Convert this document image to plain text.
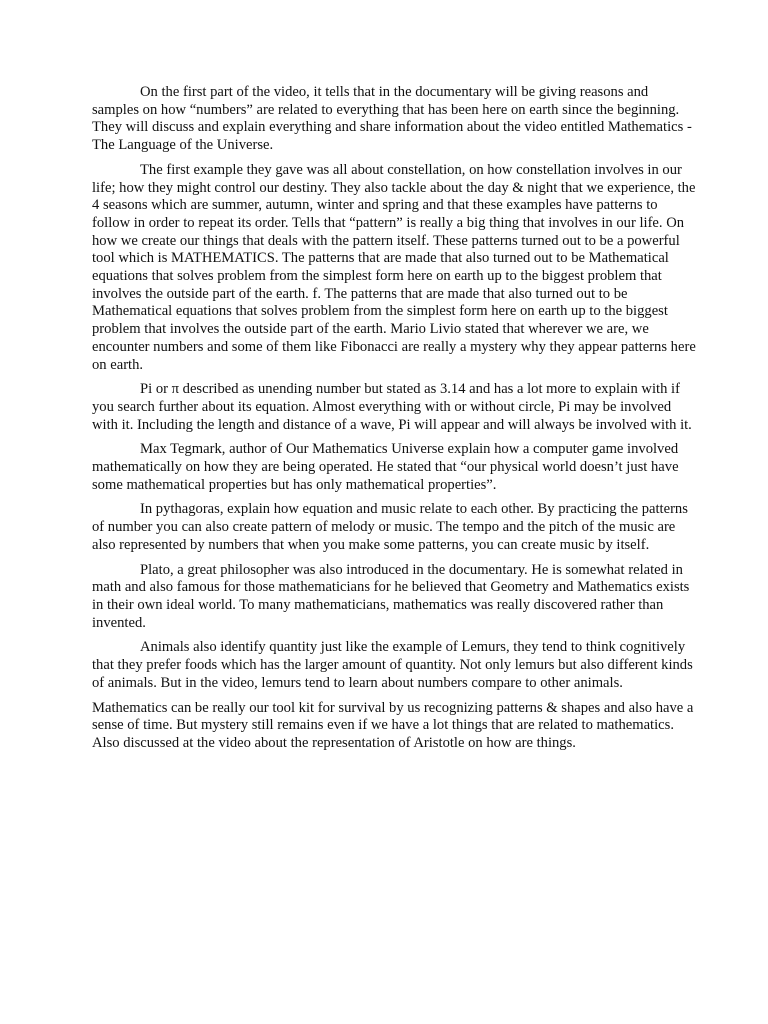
On the first part of the video, it tells that in the documentary will be giving reasons and samples on how “numbers” are related to everything that has been here on earth since the beginning. They will discuss and explain everything and share information about the video entitled Mathematics - The Language of the Universe.

The first example they gave was all about constellation, on how constellation involves in our life; how they might control our destiny. They also tackle about the day & night that we experience, the 4 seasons which are summer, autumn, winter and spring and that these examples have patterns to follow in order to repeat its order. Tells that “pattern” is really a big thing that involves in our life. On how we create our things that deals with the pattern itself. These patterns turned out to be a powerful tool which is MATHEMATICS. The patterns that are made that also turned out to be Mathematical equations that solves problem from the simplest form here on earth up to the biggest problem that involves the outside part of the earth. f. The patterns that are made that also turned out to be Mathematical equations that solves problem from the simplest form here on earth up to the biggest problem that involves the outside part of the earth. Mario Livio stated that wherever we are, we encounter numbers and some of them like Fibonacci are really a mystery why they appear patterns here on earth.

Pi or π described as unending number but stated as 3.14 and has a lot more to explain with if you search further about its equation. Almost everything with or without circle, Pi may be involved with it. Including the length and distance of a wave, Pi will appear and will always be involved with it.

Max Tegmark, author of Our Mathematics Universe explain how a computer game involved mathematically on how they are being operated. He stated that “our physical world doesn’t just have some mathematical properties but has only mathematical properties”.

In pythagoras, explain how equation and music relate to each other. By practicing the patterns of number you can also create pattern of melody or music. The tempo and the pitch of the music are also represented by numbers that when you make some patterns, you can create music by itself.

Plato, a great philosopher was also introduced in the documentary. He is somewhat related in math and also famous for those mathematicians for he believed that Geometry and Mathematics exists in their own ideal world. To many mathematicians, mathematics was really discovered rather than invented.

Animals also identify quantity just like the example of Lemurs, they tend to think cognitively that they prefer foods which has the larger amount of quantity. Not only lemurs but also different kinds of animals. But in the video, lemurs tend to learn about numbers compare to other animals.

Mathematics can be really our tool kit for survival by us recognizing patterns & shapes and also have a sense of time. But mystery still remains even if we have a lot things that are related to mathematics. Also discussed at the video about the representation of Aristotle on how are things.
